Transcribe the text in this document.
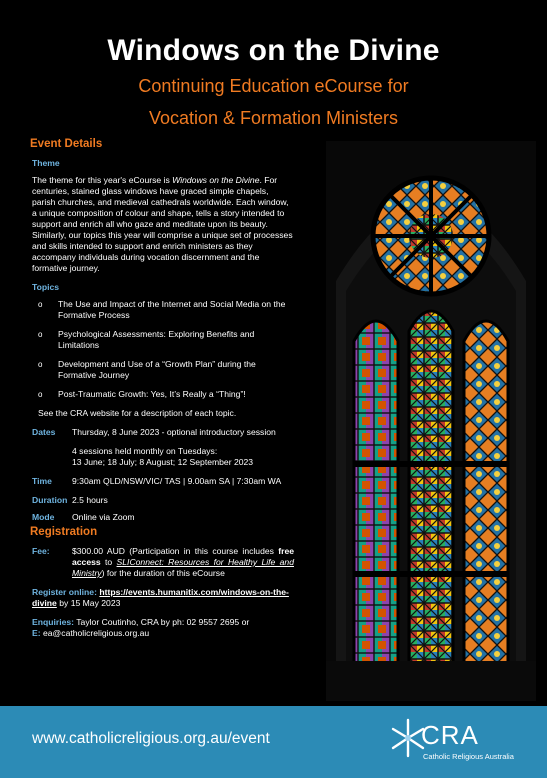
Windows on the Divine
Continuing Education eCourse for
Vocation & Formation Ministers
Event Details
Theme

The theme for this year's eCourse is Windows on the Divine. For centuries, stained glass windows have graced simple chapels, parish churches, and medieval cathedrals worldwide. Each window, a unique composition of colour and shape, tells a story intended to support and enrich all who gaze and meditate upon its beauty. Similarly, our topics this year will comprise a unique set of processes and skills intended to support and enrich ministers as they accompany individuals during vocation discernment and the formative journey.

Topics
o The Use and Impact of the Internet and Social Media on the Formative Process
o Psychological Assessments: Exploring Benefits and Limitations
o Development and Use of a “Growth Plan” during the Formative Journey
o Post-Traumatic Growth: Yes, It’s Really a “Thing”!

See the CRA website for a description of each topic.

Dates	Thursday, 8 June 2023 - optional introductory session

4 sessions held monthly on Tuesdays:

13 June; 18 July; 8 August; 12 September 2023

Time	9:30am QLD/NSW/VIC/ TAS | 9.00am SA | 7:30am WA
Duration 2.5 hours
Mode	Online via Zoom
Registration
Fee:	$300.00 AUD (Participation in this course includes free access to SLIConnect: Resources for Healthy Life and Ministry) for the duration of this eCourse

Register online: https://events.humanitix.com/windows-on-the-divine by 15 May 2023

Enquiries: Taylor Coutinho, CRA by ph: 02 9557 2695 or

E: ea@catholicreligious.org.au

www.catholicreligious.org.au/event	CRA
Catholic Religious Australia
